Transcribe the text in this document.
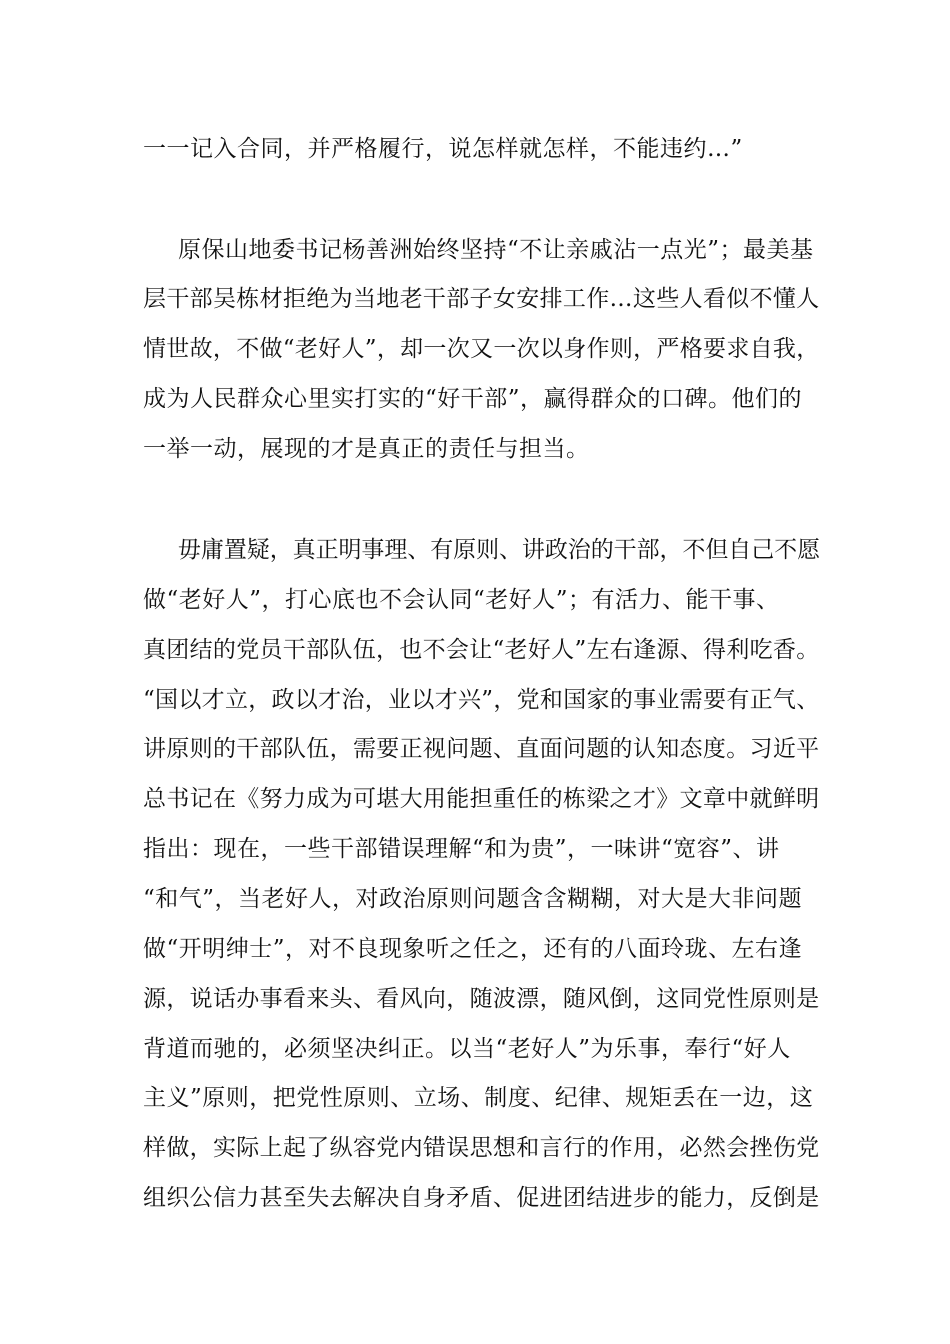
一一记入合同，并严格履行，说怎样就怎样，不能违约…”
原保山地委书记杨善洲始终坚持“不让亲戚沾一点光”；最美基
层干部吴栋材拒绝为当地老干部子女安排工作…这些人看似不懂人
情世故，不做“老好人”，却一次又一次以身作则，严格要求自我，
成为人民群众心里实打实的“好干部”，赢得群众的口碑。他们的
一举一动，展现的才是真正的责任与担当。
毋庸置疑，真正明事理、有原则、讲政治的干部，不但自己不愿
做“老好人”，打心底也不会认同“老好人”；有活力、能干事、
真团结的党员干部队伍，也不会让“老好人”左右逢源、得利吃香。
“国以才立，政以才治，业以才兴”，党和国家的事业需要有正气、
讲原则的干部队伍，需要正视问题、直面问题的认知态度。习近平
总书记在《努力成为可堪大用能担重任的栋梁之才》文章中就鲜明
指出：现在，一些干部错误理解“和为贵”，一味讲“宽容”、讲
“和气”，当老好人，对政治原则问题含含糊糊，对大是大非问题
做“开明绅士”，对不良现象听之任之，还有的八面玲珑、左右逢
源，说话办事看来头、看风向，随波漂，随风倒，这同党性原则是
背道而驰的，必须坚决纠正。以当“老好人”为乐事，奉行“好人
主义”原则，把党性原则、立场、制度、纪律、规矩丢在一边，这
样做，实际上起了纵容党内错误思想和言行的作用，必然会挫伤党
组织公信力甚至失去解决自身矛盾、促进团结进步的能力，反倒是
